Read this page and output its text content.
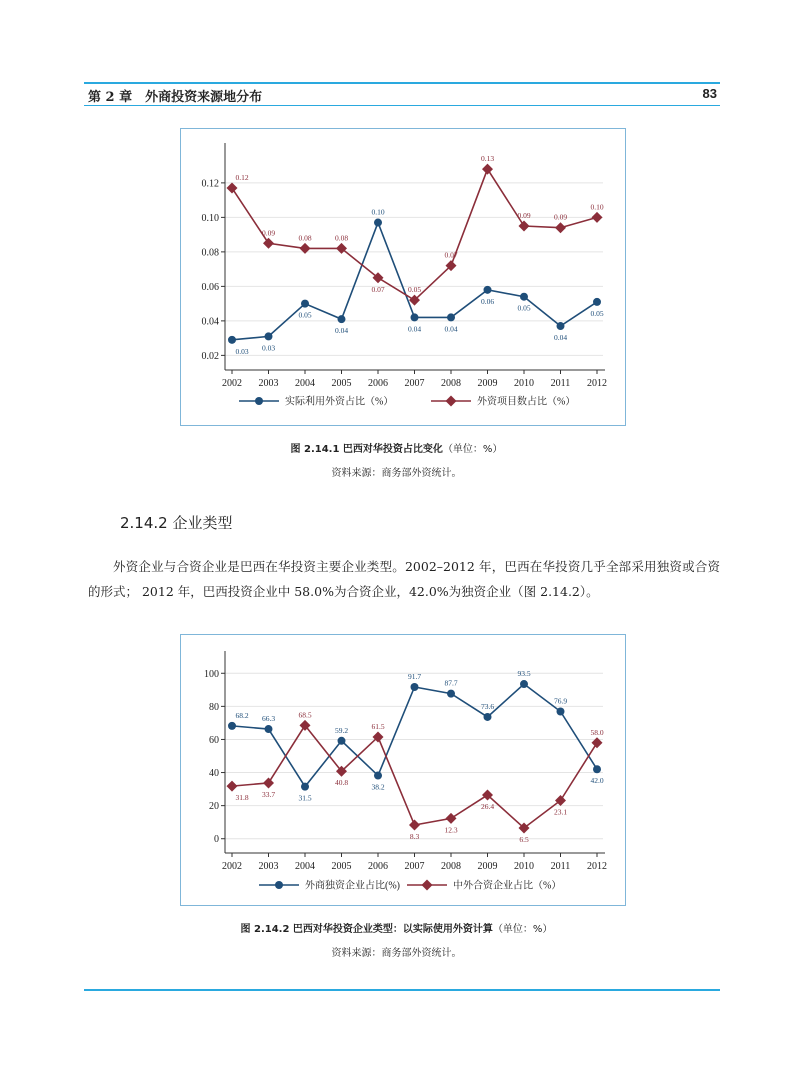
第 2 章　外商投资来源地分布	83
0.02
0.04
0.06
0.08
0.10
0.12
2002 2003 2004 2005 2006 2007 2008 2009 2010 2011 2012
0.03 0.03
0.05
0.04
0.10
0.04	0.04
0.06
0.05
0.04
0.05
0.12
0.09
0.08	0.08
0.07	0.05
0.07
0.13
0.09	0.09
0.10
实际利用外资占比（%）	外资项目数占比（%）
图 2.14.1 巴西对华投资占比变化（单位：%）
资料来源：商务部外资统计。
2.14.2 企业类型
外资企业与合资企业是巴西在华投资主要企业类型。2002–2012 年，巴西在华投资几乎全部采用独资或合资的形式； 2012 年，巴西投资企业中 58.0%为合资企业，42.0%为独资企业（图 2.14.2）。
0
20
40
60
80
100
2002 2003 2004 2005 2006 2007 2008 2009 2010 2011 2012
68.2 66.3
31.5
59.2
38.2
91.7
87.7
73.6
93.5
76.9
42.0
31.8 33.7
68.5
40.8
61.5
8.3
12.3
26.4
6.5
23.1
58.0
外商独资企业占比(%)	中外合资企业占比（%）
图 2.14.2 巴西对华投资企业类型：以实际使用外资计算（单位：%）
资料来源：商务部外资统计。
